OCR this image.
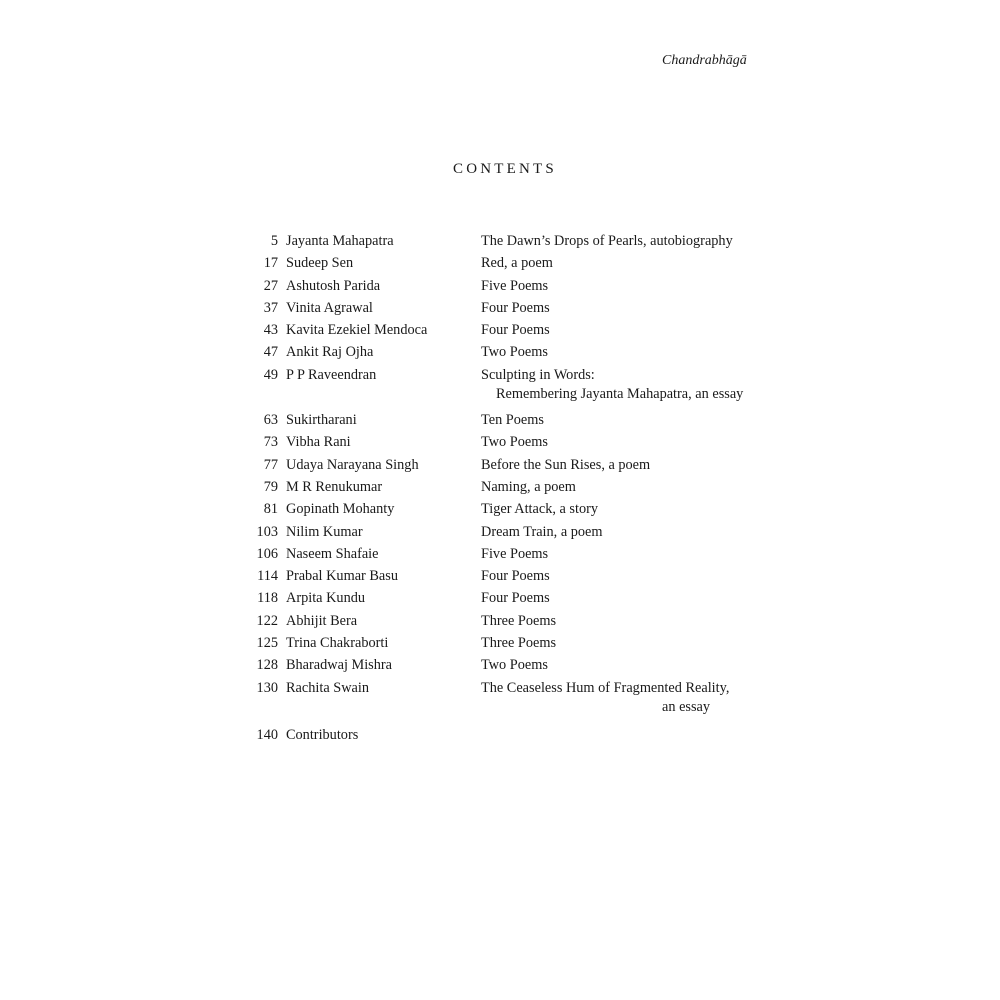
Chandrabhāgā
CONTENTS
5 Jayanta Mahapatra	The Dawn’s Drops of Pearls, autobiography
17 Sudeep Sen	Red, a poem
27 Ashutosh Parida	Five Poems
37 Vinita Agrawal	Four Poems
43 Kavita Ezekiel Mendoca	Four Poems
47 Ankit Raj Ojha	Two Poems
49 P P Raveendran	Sculpting in Words:
Remembering Jayanta Mahapatra, an essay
63 Sukirtharani	Ten Poems
73 Vibha Rani	Two Poems
77 Udaya Narayana Singh	Before the Sun Rises, a poem
79 M R Renukumar	Naming, a poem
81 Gopinath Mohanty	Tiger Attack, a story
103 Nilim Kumar	Dream Train, a poem
106 Naseem Shafaie	Five Poems
114 Prabal Kumar Basu	Four Poems
118 Arpita Kundu	Four Poems
122 Abhijit Bera	Three Poems
125 Trina Chakraborti	Three Poems
128 Bharadwaj Mishra	Two Poems
130 Rachita Swain	The Ceaseless Hum of Fragmented Reality,
an essay
140 Contributors
